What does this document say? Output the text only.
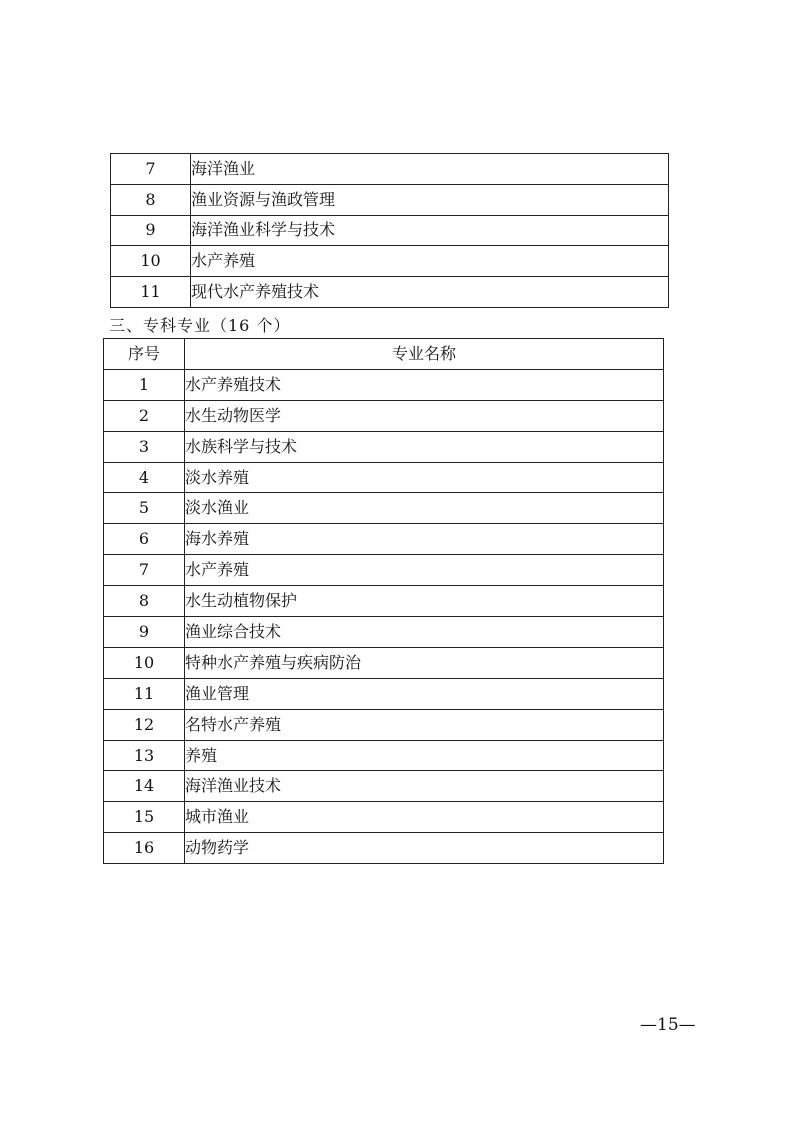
7	海洋渔业
8	渔业资源与渔政管理
9	海洋渔业科学与技术
10	水产养殖
11	现代水产养殖技术
三、专科专业（16 个）
序号	专业名称
1	水产养殖技术
2	水生动物医学
3	水族科学与技术
4	淡水养殖
5	淡水渔业
6	海水养殖
7	水产养殖
8	水生动植物保护
9	渔业综合技术
10	特种水产养殖与疾病防治
11	渔业管理
12	名特水产养殖
13	养殖
14	海洋渔业技术
15	城市渔业
16	动物药学
—15—
